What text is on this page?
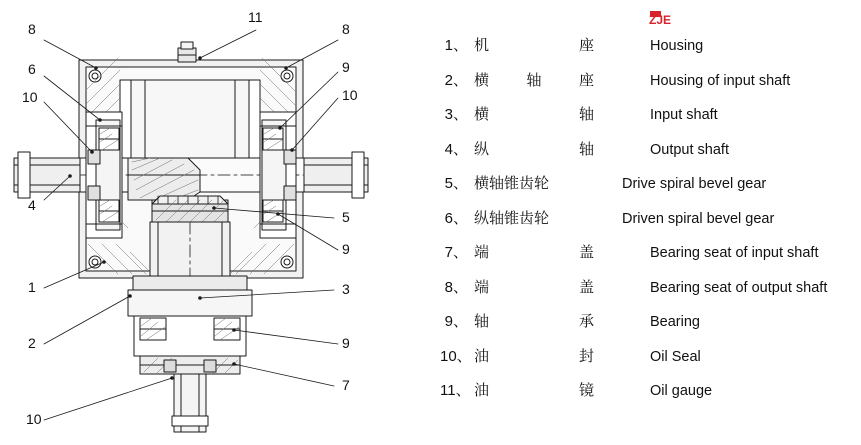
11
8	8
6	9
10	10
4
5
9
1	3
2	9
7
10
ZJE
1、 机	座	Housing
2、 横 轴 座	Housing of input shaft
3、 横	轴	Input shaft
4、 纵	轴	Output shaft
5、 横轴锥齿轮	Drive spiral bevel gear
6、 纵轴锥齿轮	Driven spiral bevel gear
7、 端	盖	Bearing seat of input shaft
8、 端	盖	Bearing seat of output shaft
9、 轴	承	Bearing
10、 油	封	Oil Seal
11、 油	镜	Oil gauge
